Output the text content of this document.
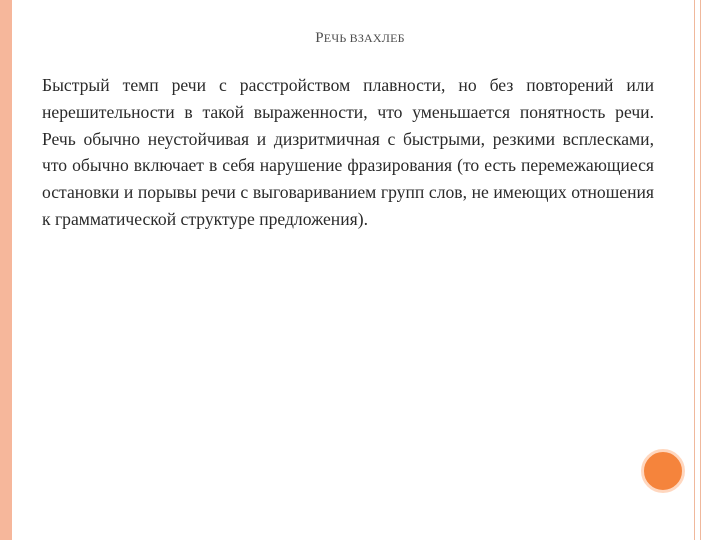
РЕЧЬ ВЗАХЛЕБ
Быстрый темп речи с расстройством плавности, но без повторений или нерешительности в такой выраженности, что уменьшается понятность речи. Речь обычно неустойчивая и дизритмичная с быстрыми, резкими всплесками, что обычно включает в себя нарушение фразирования (то есть перемежающиеся остановки и порывы речи с выговариванием групп слов, не имеющих отношения к грамматической структуре предложения).
